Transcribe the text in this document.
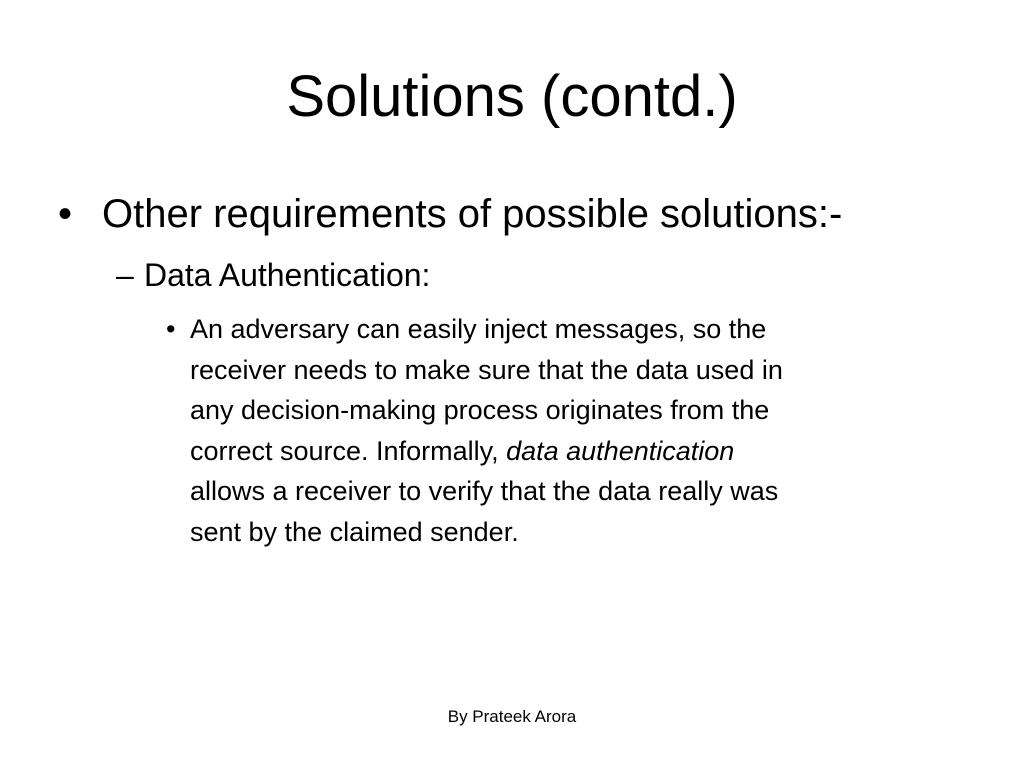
Solutions (contd.)
• Other requirements of possible solutions:-
– Data Authentication:
• An adversary can easily inject messages, so the
receiver needs to make sure that the data used in
any decision-making process originates from the
correct source. Informally, data authentication
allows a receiver to verify that the data really was
sent by the claimed sender.
By Prateek Arora
